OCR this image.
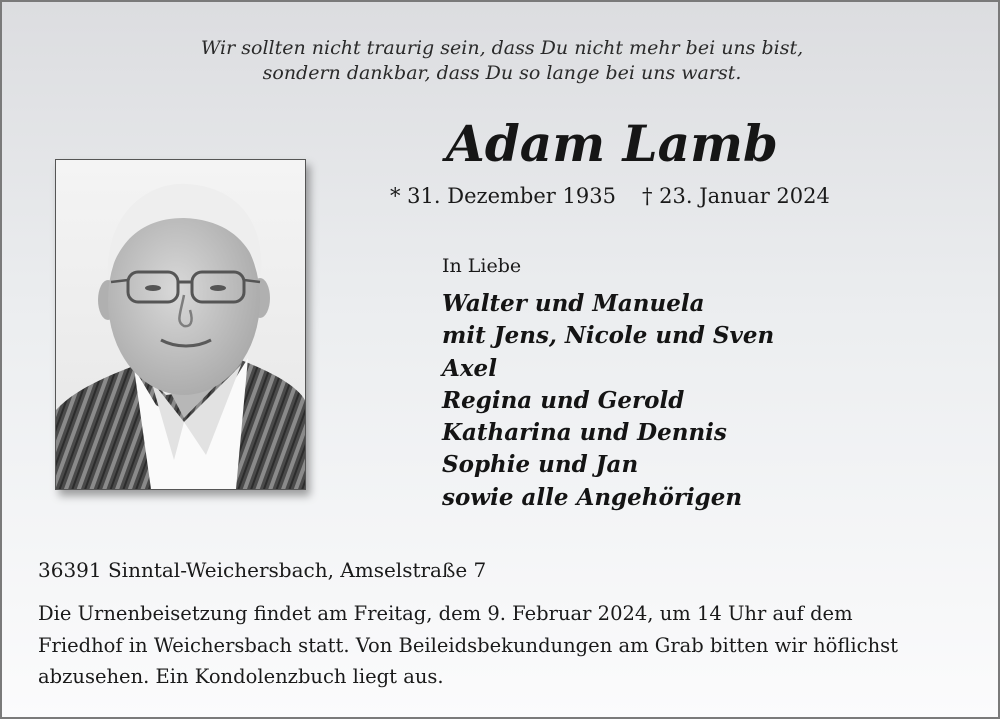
Wir sollten nicht traurig sein, dass Du nicht mehr bei uns bist,
sondern dankbar, dass Du so lange bei uns warst.
Adam Lamb
* 31. Dezember 1935 † 23. Januar 2024
In Liebe
Walter und Manuela
mit Jens, Nicole und Sven
Axel
Regina und Gerold
Katharina und Dennis
Sophie und Jan
sowie alle Angehörigen
36391 Sinntal-Weichersbach, Amselstraße 7
Die Urnenbeisetzung findet am Freitag, dem 9. Februar 2024, um 14 Uhr auf dem
Friedhof in Weichersbach statt. Von Beileidsbekundungen am Grab bitten wir höflichst
abzusehen. Ein Kondolenzbuch liegt aus.
